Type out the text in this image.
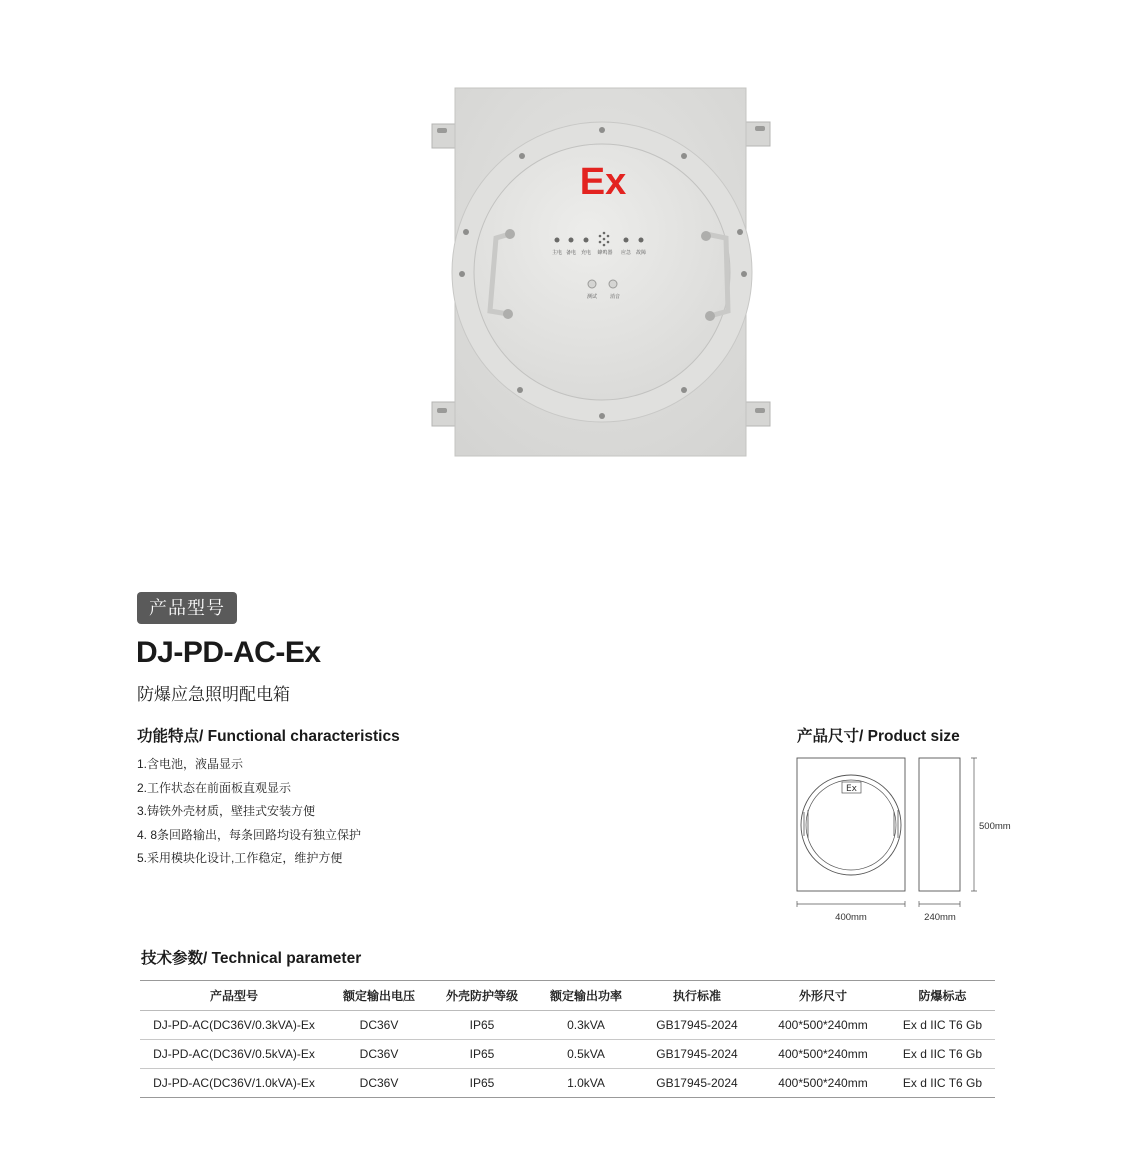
Ex
主电 备电 充电 蜂鸣器 应急 故障
测试	消音
产品型号
DJ-PD-AC-Ex
防爆应急照明配电箱
功能特点/ Functional characteristics
1.含电池，液晶显示
2.工作状态在前面板直观显示
3.铸铁外壳材质，壁挂式安装方便
4. 8条回路输出，每条回路均设有独立保护
5.采用模块化设计,工作稳定，维护方便
产品尺寸/ Product size
Ex
500mm
400mm	240mm
技术参数/ Technical parameter
产品型号	额定输出电压	外壳防护等级	额定输出功率	执行标准	外形尺寸	防爆标志
DJ-PD-AC(DC36V/0.3kVA)-Ex	DC36V	IP65	0.3kVA	GB17945-2024	400*500*240mm	Ex d IIC T6 Gb
DJ-PD-AC(DC36V/0.5kVA)-Ex	DC36V	IP65	0.5kVA	GB17945-2024	400*500*240mm	Ex d IIC T6 Gb
DJ-PD-AC(DC36V/1.0kVA)-Ex	DC36V	IP65	1.0kVA	GB17945-2024	400*500*240mm	Ex d IIC T6 Gb
